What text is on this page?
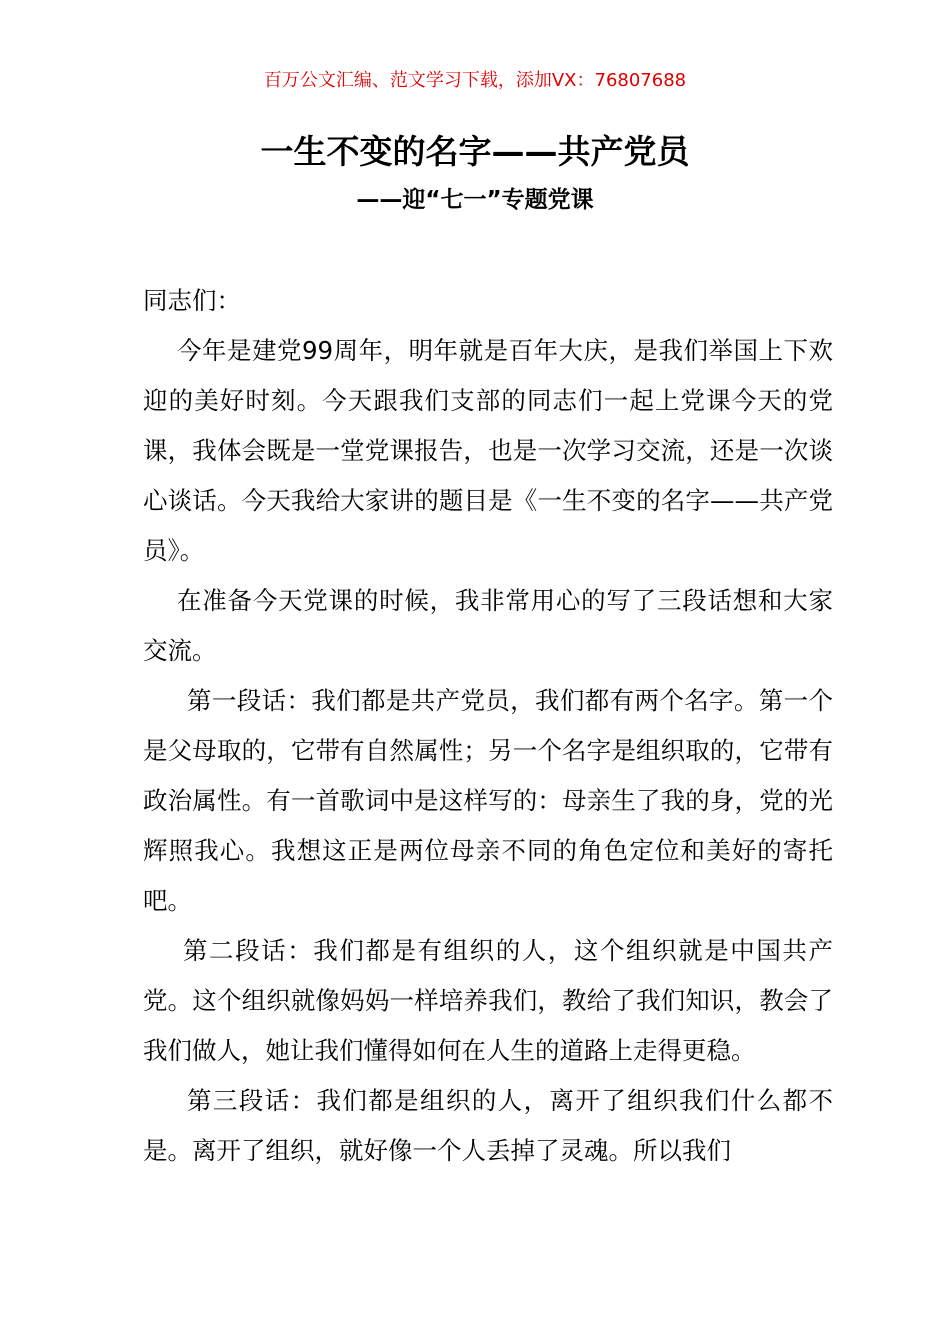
百万公文汇编、范文学习下载，添加VX：76807688
一生不变的名字——共产党员
——迎“七一”专题党课

同志们：

今年是建党99周年，明年就是百年大庆，是我们举国上下欢迎的美好时刻。今天跟我们支部的同志们一起上党课今天的党课，我体会既是一堂党课报告，也是一次学习交流，还是一次谈心谈话。今天我给大家讲的题目是《一生不变的名字——共产党员》。

在准备今天党课的时候，我非常用心的写了三段话想和大家交流。

第一段话：我们都是共产党员，我们都有两个名字。第一个是父母取的，它带有自然属性；另一个名字是组织取的，它带有政治属性。有一首歌词中是这样写的：母亲生了我的身，党的光辉照我心。我想这正是两位母亲不同的角色定位和美好的寄托吧。

第二段话：我们都是有组织的人，这个组织就是中国共产党。这个组织就像妈妈一样培养我们，教给了我们知识，教会了我们做人，她让我们懂得如何在人生的道路上走得更稳。

第三段话：我们都是组织的人，离开了组织我们什么都不是。离开了组织，就好像一个人丢掉了灵魂。所以我们
